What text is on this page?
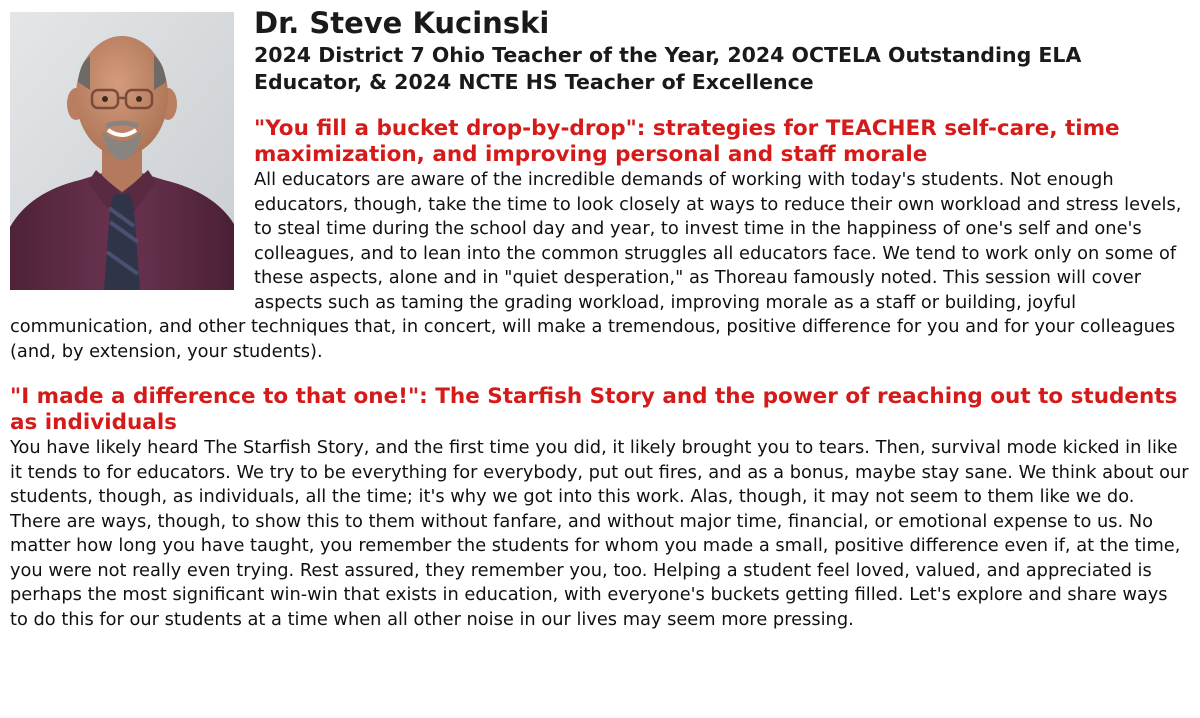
Dr. Steve Kucinski
2024 District 7 Ohio Teacher of the Year, 2024 OCTELA Outstanding ELA Educator, & 2024 NCTE HS Teacher of Excellence
"You fill a bucket drop-by-drop": strategies for TEACHER self-care, time maximization, and improving personal and staff morale

All educators are aware of the incredible demands of working with today's students. Not enough educators, though, take the time to look closely at ways to reduce their own workload and stress levels, to steal time during the school day and year, to invest time in the happiness of one's self and one's colleagues, and to lean into the common struggles all educators face. We tend to work only on some of these aspects, alone and in "quiet desperation," as Thoreau famously noted. This session will cover aspects such as taming the grading workload, improving morale as a staff or building, joyful communication, and other techniques that, in concert, will make a tremendous, positive difference for you and for your colleagues (and, by extension, your students).

"I made a difference to that one!": The Starfish Story and the power of reaching out to students as individuals

You have likely heard The Starfish Story, and the first time you did, it likely brought you to tears. Then, survival mode kicked in like it tends to for educators. We try to be everything for everybody, put out fires, and as a bonus, maybe stay sane. We think about our students, though, as individuals, all the time; it's why we got into this work. Alas, though, it may not seem to them like we do. There are ways, though, to show this to them without fanfare, and without major time, financial, or emotional expense to us. No matter how long you have taught, you remember the students for whom you made a small, positive difference even if, at the time, you were not really even trying. Rest assured, they remember you, too. Helping a student feel loved, valued, and appreciated is perhaps the most significant win-win that exists in education, with everyone's buckets getting filled. Let's explore and share ways to do this for our students at a time when all other noise in our lives may seem more pressing.
